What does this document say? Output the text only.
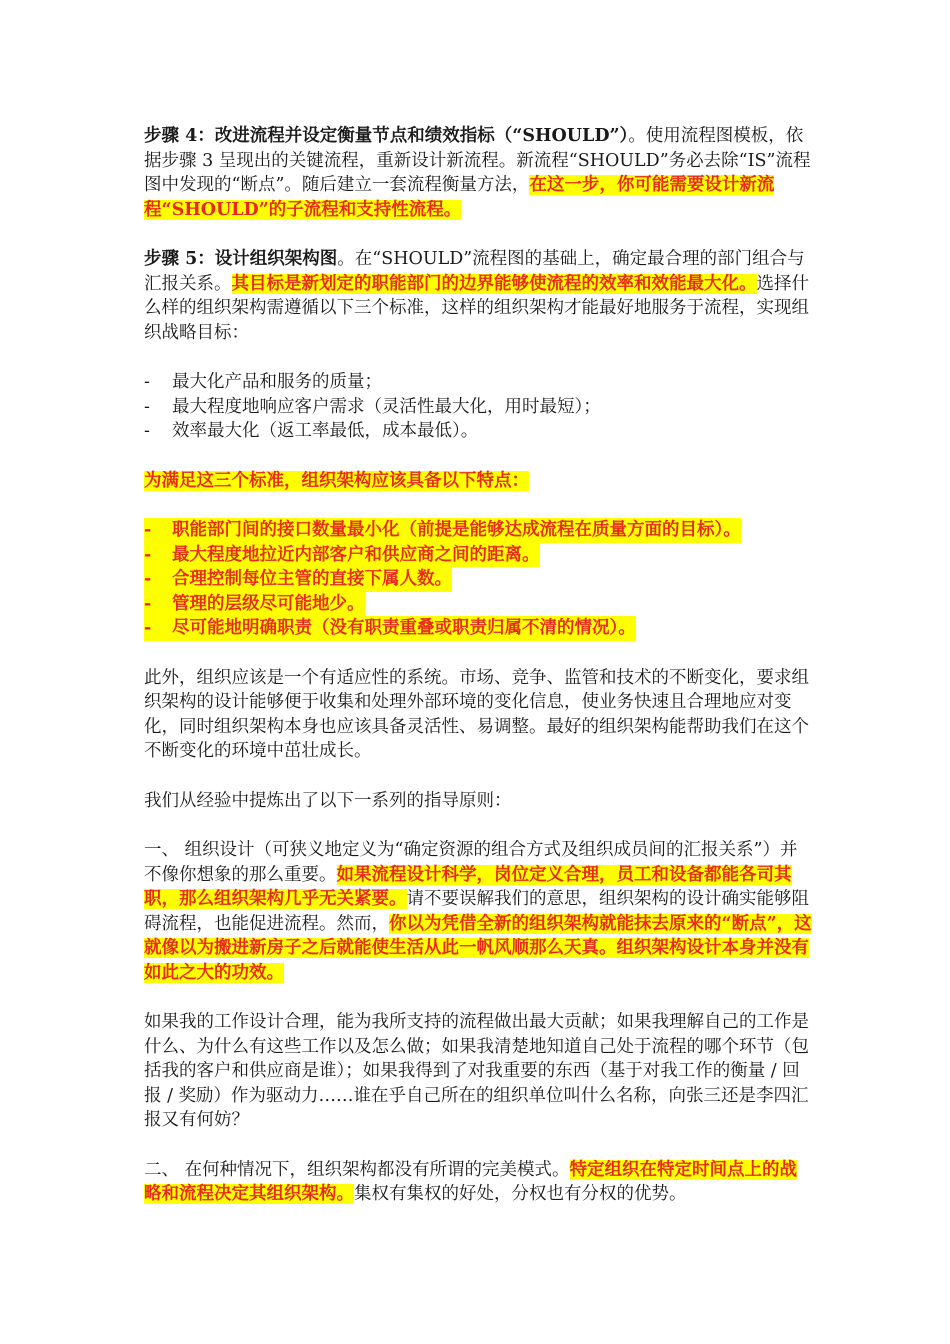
步骤 4：改进流程并设定衡量节点和绩效指标（“SHOULD”）。使用流程图模板，依据步骤 3 呈现出的关键流程，重新设计新流程。新流程“SHOULD”务必去除“IS”流程图中发现的“断点”。随后建立一套流程衡量方法，在这一步，你可能需要设计新流程“SHOULD”的子流程和支持性流程。

步骤 5：设计组织架构图。在“SHOULD”流程图的基础上，确定最合理的部门组合与汇报关系。其目标是新划定的职能部门的边界能够使流程的效率和效能最大化。选择什么样的组织架构需遵循以下三个标准，这样的组织架构才能最好地服务于流程，实现组织战略目标：

-	最大化产品和服务的质量；
-	最大程度地响应客户需求（灵活性最大化，用时最短）；
-	效率最大化（返工率最低，成本最低）。

为满足这三个标准，组织架构应该具备以下特点：

- 职能部门间的接口数量最小化（前提是能够达成流程在质量方面的目标）。
- 最大程度地拉近内部客户和供应商之间的距离。
- 合理控制每位主管的直接下属人数。
- 管理的层级尽可能地少。
- 尽可能地明确职责（没有职责重叠或职责归属不清的情况）。

此外，组织应该是一个有适应性的系统。市场、竞争、监管和技术的不断变化，要求组织架构的设计能够便于收集和处理外部环境的变化信息，使业务快速且合理地应对变化，同时组织架构本身也应该具备灵活性、易调整。最好的组织架构能帮助我们在这个不断变化的环境中茁壮成长。

我们从经验中提炼出了以下一系列的指导原则：

一、 组织设计（可狭义地定义为“确定资源的组合方式及组织成员间的汇报关系”）并不像你想象的那么重要。如果流程设计科学，岗位定义合理，员工和设备都能各司其职，那么组织架构几乎无关紧要。请不要误解我们的意思，组织架构的设计确实能够阻碍流程，也能促进流程。然而，你以为凭借全新的组织架构就能抹去原来的“断点”，这就像以为搬进新房子之后就能使生活从此一帆风顺那么天真。组织架构设计本身并没有如此之大的功效。

如果我的工作设计合理，能为我所支持的流程做出最大贡献；如果我理解自己的工作是什么、为什么有这些工作以及怎么做；如果我清楚地知道自己处于流程的哪个环节（包括我的客户和供应商是谁）；如果我得到了对我重要的东西（基于对我工作的衡量 / 回报 / 奖励）作为驱动力……谁在乎自己所在的组织单位叫什么名称，向张三还是李四汇报又有何妨？

二、 在何种情况下，组织架构都没有所谓的完美模式。特定组织在特定时间点上的战略和流程决定其组织架构。集权有集权的好处，分权也有分权的优势。
